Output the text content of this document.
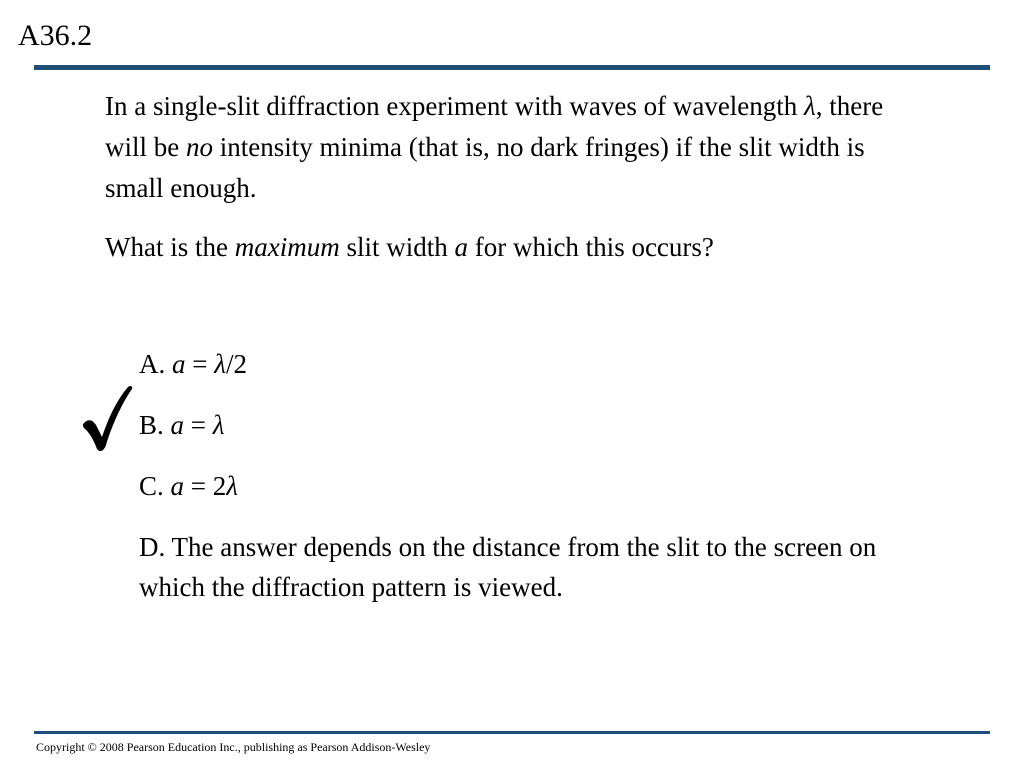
A36.2

In a single-slit diffraction experiment with waves of wavelength λ, there will be no intensity minima (that is, no dark fringes) if the slit width is small enough.

What is the maximum slit width a for which this occurs?

A. a = λ/2
B. a = λ
C. a = 2λ
D. The answer depends on the distance from the slit to the screen on which the diffraction pattern is viewed.
Copyright © 2008 Pearson Education Inc., publishing as Pearson Addison-Wesley
